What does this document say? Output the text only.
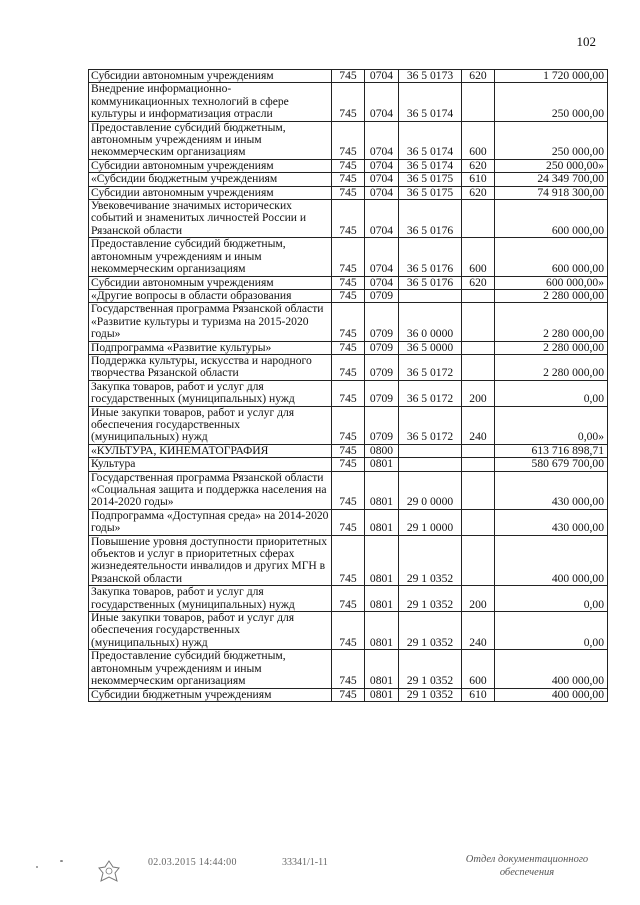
102
Субсидии автономным учреждениям	745	0704	36 5 0173	620	1 720 000,00
Внедрение информационно-коммуникационных технологий в сфере культуры и информатизация отрасли	745	0704	36 5 0174		250 000,00
Предоставление субсидий бюджетным, автономным учреждениям и иным некоммерческим организациям	745	0704	36 5 0174	600	250 000,00
Субсидии автономным учреждениям	745	0704	36 5 0174	620	250 000,00»
«Субсидии бюджетным учреждениям	745	0704	36 5 0175	610	24 349 700,00
Субсидии автономным учреждениям	745	0704	36 5 0175	620	74 918 300,00
Увековечивание значимых исторических событий и знаменитых личностей России и Рязанской области	745	0704	36 5 0176		600 000,00
Предоставление субсидий бюджетным, автономным учреждениям и иным некоммерческим организациям	745	0704	36 5 0176	600	600 000,00
Субсидии автономным учреждениям	745	0704	36 5 0176	620	600 000,00»
«Другие вопросы в области образования	745	0709			2 280 000,00
Государственная программа Рязанской области «Развитие культуры и туризма на 2015-2020 годы»	745	0709	36 0 0000		2 280 000,00
Подпрограмма «Развитие культуры»	745	0709	36 5 0000		2 280 000,00
Поддержка культуры, искусства и народного творчества Рязанской области	745	0709	36 5 0172		2 280 000,00
Закупка товаров, работ и услуг для государственных (муниципальных) нужд	745	0709	36 5 0172	200	0,00
Иные закупки товаров, работ и услуг для обеспечения государственных (муниципальных) нужд	745	0709	36 5 0172	240	0,00»
«КУЛЬТУРА, КИНЕМАТОГРАФИЯ	745	0800			613 716 898,71
Культура	745	0801			580 679 700,00
Государственная программа Рязанской области «Социальная защита и поддержка населения на 2014-2020 годы»	745	0801	29 0 0000		430 000,00
Подпрограмма «Доступная среда» на 2014-2020 годы»	745	0801	29 1 0000		430 000,00
Повышение уровня доступности приоритетных объектов и услуг в приоритетных сферах жизнедеятельности инвалидов и других МГН в Рязанской области	745	0801	29 1 0352		400 000,00
Закупка товаров, работ и услуг для государственных (муниципальных) нужд	745	0801	29 1 0352	200	0,00
Иные закупки товаров, работ и услуг для обеспечения государственных (муниципальных) нужд	745	0801	29 1 0352	240	0,00
Предоставление субсидий бюджетным, автономным учреждениям и иным некоммерческим организациям	745	0801	29 1 0352	600	400 000,00
Субсидии бюджетным учреждениям	745	0801	29 1 0352	610	400 000,00
02.03.2015 14:44:00	33341/1-11	Отдел документационного обеспечения
